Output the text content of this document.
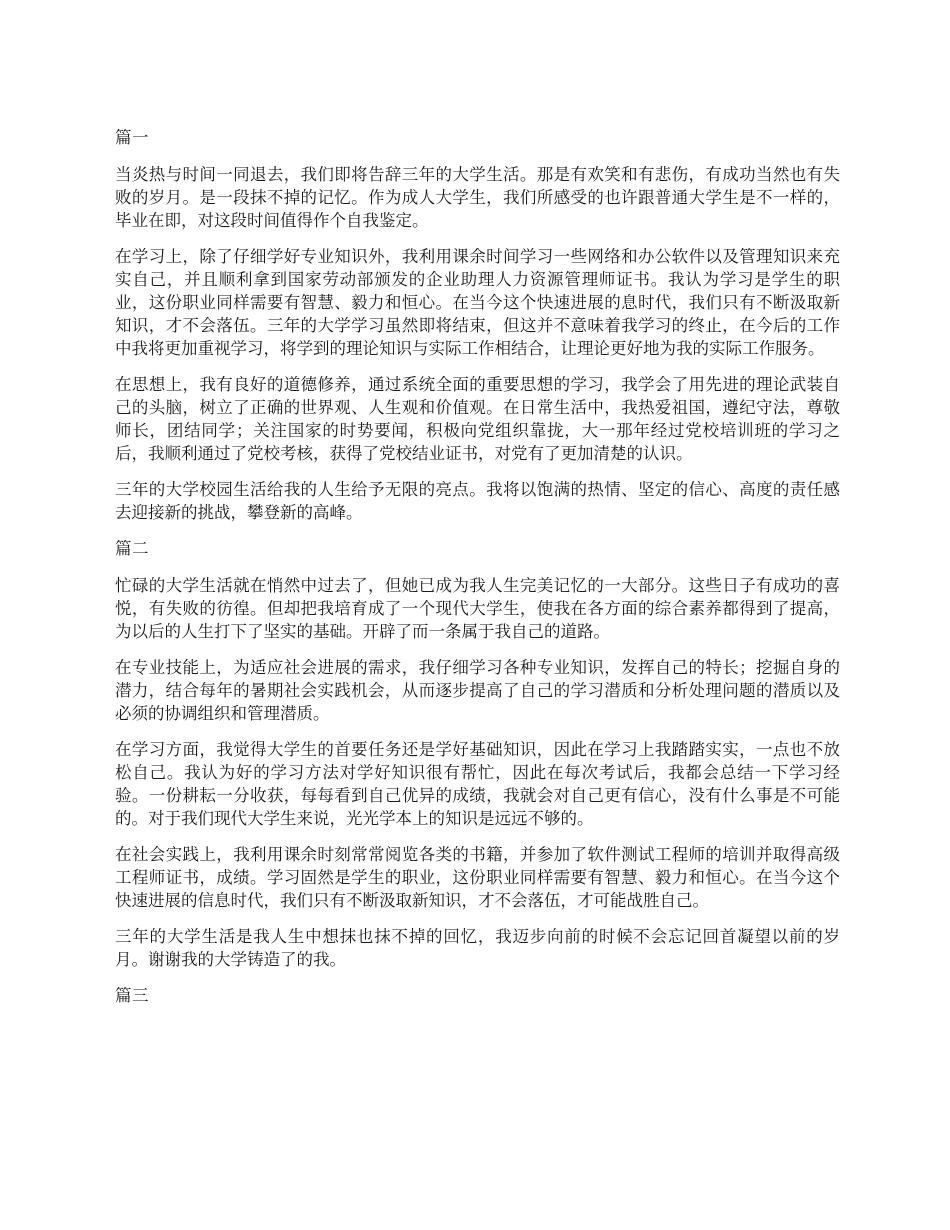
篇一

当炎热与时间一同退去，我们即将告辞三年的大学生活。那是有欢笑和有悲伤，有成功当然也有失败的岁月。是一段抹不掉的记忆。作为成人大学生，我们所感受的也许跟普通大学生是不一样的，毕业在即，对这段时间值得作个自我鉴定。

在学习上，除了仔细学好专业知识外，我利用课余时间学习一些网络和办公软件以及管理知识来充实自己，并且顺利拿到国家劳动部颁发的企业助理人力资源管理师证书。我认为学习是学生的职业，这份职业同样需要有智慧、毅力和恒心。在当今这个快速进展的息时代，我们只有不断汲取新知识，才不会落伍。三年的大学学习虽然即将结束，但这并不意味着我学习的终止，在今后的工作中我将更加重视学习，将学到的理论知识与实际工作相结合，让理论更好地为我的实际工作服务。

在思想上，我有良好的道德修养，通过系统全面的重要思想的学习，我学会了用先进的理论武装自己的头脑，树立了正确的世界观、人生观和价值观。在日常生活中，我热爱祖国，遵纪守法，尊敬师长，团结同学；关注国家的时势要闻，积极向党组织靠拢，大一那年经过党校培训班的学习之后，我顺利通过了党校考核，获得了党校结业证书，对党有了更加清楚的认识。

三年的大学校园生活给我的人生给予无限的亮点。我将以饱满的热情、坚定的信心、高度的责任感去迎接新的挑战，攀登新的高峰。

篇二

忙碌的大学生活就在悄然中过去了，但她已成为我人生完美记忆的一大部分。这些日子有成功的喜悦，有失败的彷徨。但却把我培育成了一个现代大学生，使我在各方面的综合素养都得到了提高，为以后的人生打下了坚实的基础。开辟了而一条属于我自己的道路。

在专业技能上，为适应社会进展的需求，我仔细学习各种专业知识，发挥自己的特长；挖掘自身的潜力，结合每年的暑期社会实践机会，从而逐步提高了自己的学习潜质和分析处理问题的潜质以及必须的协调组织和管理潜质。

在学习方面，我觉得大学生的首要任务还是学好基础知识，因此在学习上我踏踏实实，一点也不放松自己。我认为好的学习方法对学好知识很有帮忙，因此在每次考试后，我都会总结一下学习经验。一份耕耘一分收获，每每看到自己优异的成绩，我就会对自己更有信心，没有什么事是不可能的。对于我们现代大学生来说，光光学本上的知识是远远不够的。

在社会实践上，我利用课余时刻常常阅览各类的书籍，并参加了软件测试工程师的培训并取得高级工程师证书，成绩。学习固然是学生的职业，这份职业同样需要有智慧、毅力和恒心。在当今这个快速进展的信息时代，我们只有不断汲取新知识，才不会落伍，才可能战胜自己。

三年的大学生活是我人生中想抹也抹不掉的回忆，我迈步向前的时候不会忘记回首凝望以前的岁月。谢谢我的大学铸造了的我。

篇三
